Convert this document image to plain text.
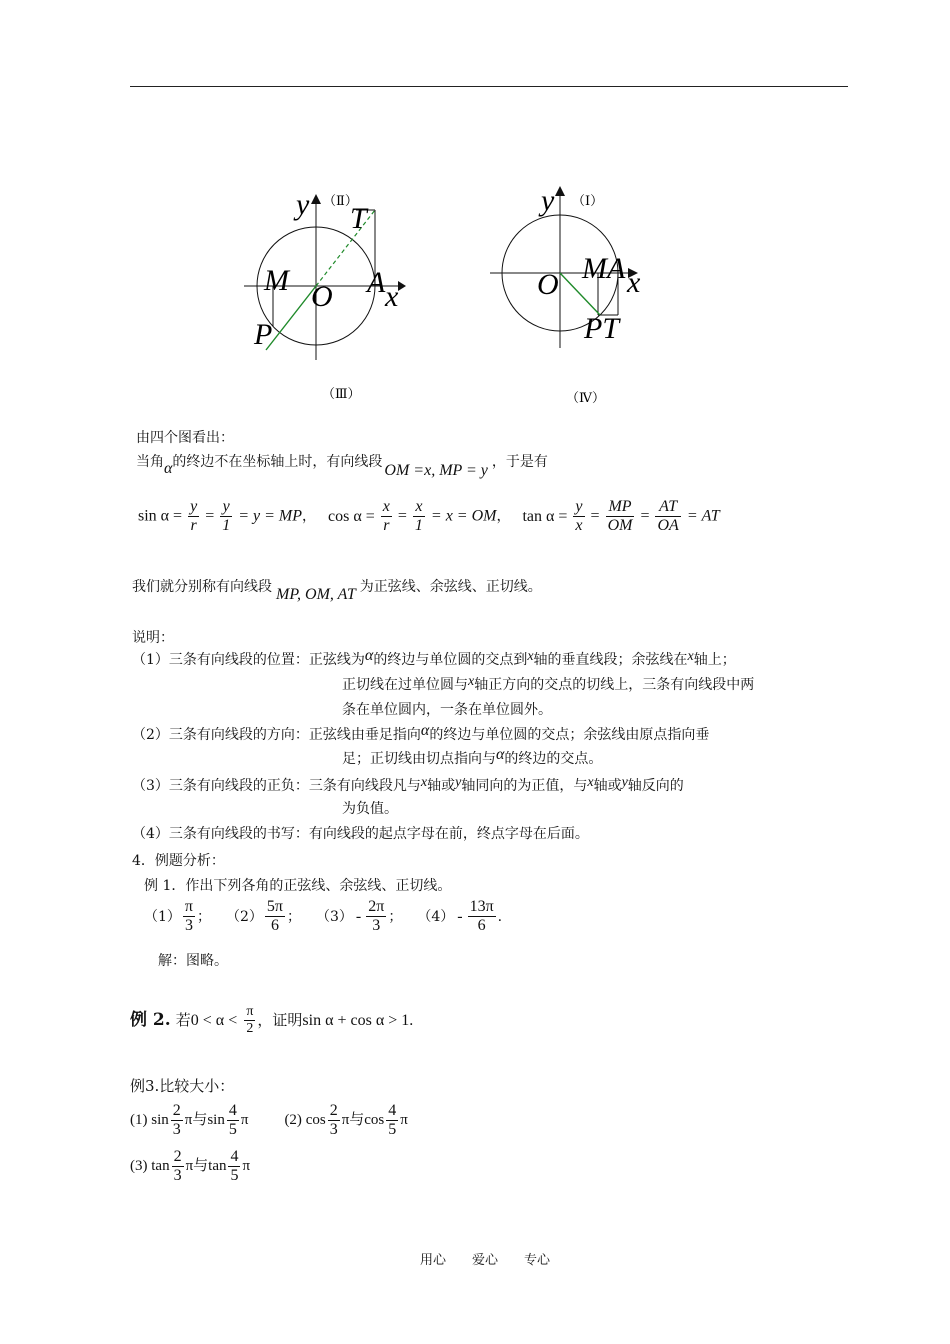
y （Ⅱ）
T
M O A x
P
（Ⅲ）
y （Ⅰ）
O MA x
PT
（Ⅳ）
由四个图看出：
当角α的终边不在坐标轴上时，有向线段 OM =x, MP = y ，于是有
$\sin \alpha = \frac{y}{r} = \frac{y}{1} = y$ = MP， $\cos \alpha = \frac{x}{r} = \frac{x}{1} = x$ = OM， $\tan \alpha = \frac{y}{x} = \frac{MP}{OM} = \frac{AT}{OA}$ = AT
我们就分别称有向线段 MP, OM, AT 为正弦线、余弦线、正切线。
说明：
（1）三条有向线段的位置：正弦线为α的终边与单位圆的交点到x轴的垂直线段；余弦线在x轴上；
正切线在过单位圆与x轴正方向的交点的切线上，三条有向线段中两
条在单位圆内，一条在单位圆外。
（2）三条有向线段的方向：正弦线由垂足指向α的终边与单位圆的交点；余弦线由原点指向垂
足；正切线由切点指向与α的终边的交点。
（3）三条有向线段的正负：三条有向线段凡与x轴或y轴同向的为正值，与x轴或y轴反向的
为负值。
（4）三条有向线段的书写：有向线段的起点字母在前，终点字母在后面。
4．例题分析：
例 1．作出下列各角的正弦线、余弦线、正切线。
$(1) \frac{\pi}{3}$ ； $(2) \frac{5\pi}{6}$ ； $(3) - \frac{2\pi}{3}$ ； $(4) - \frac{13\pi}{6}$ .
解：图略。
例 2. 若$0 < \alpha < \frac{\pi}{2}$ ，证明sin α + cos α > 1.
例3.比较大小：
(1) $\sin \frac{2}{3}$ π与$\sin \frac{4}{5}$ π (2) $\cos \frac{2}{3}$ π与$\cos \frac{4}{5}$ π
(3) $\tan \frac{2}{3}$ π与$\tan \frac{4}{5}$ π
用心 爱心 专心
